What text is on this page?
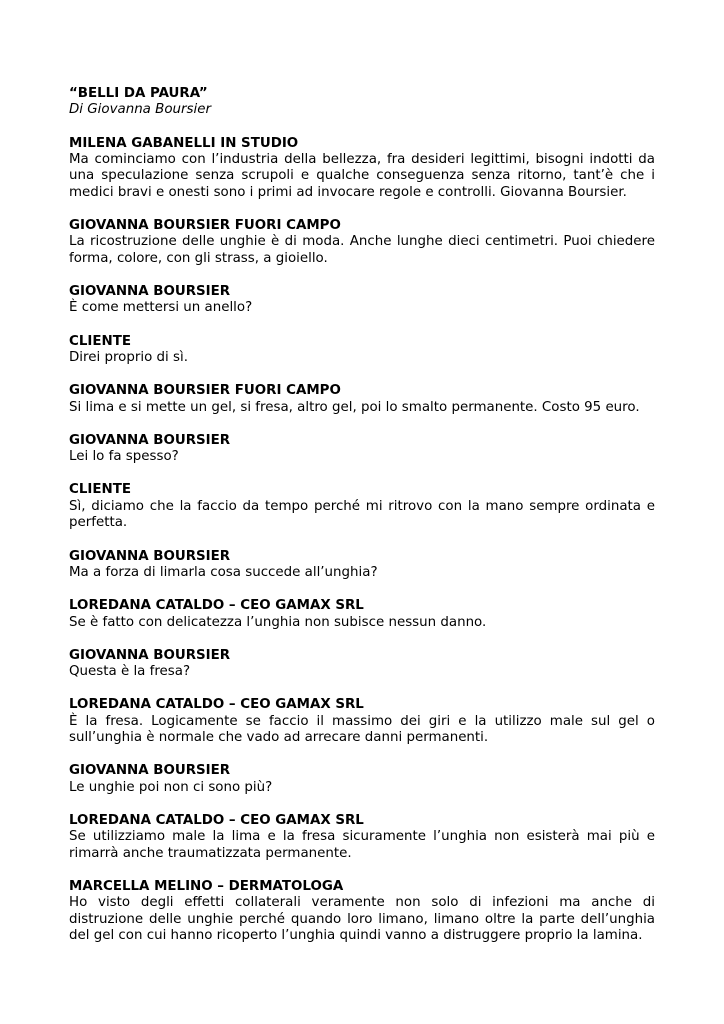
“BELLI DA PAURA”
Di Giovanna Boursier
MILENA GABANELLI IN STUDIO
Ma cominciamo con l’industria della bellezza, fra desideri legittimi, bisogni indotti da una speculazione senza scrupoli e qualche conseguenza senza ritorno, tant’è che i medici bravi e onesti sono i primi ad invocare regole e controlli. Giovanna Boursier.
GIOVANNA BOURSIER FUORI CAMPO
La ricostruzione delle unghie è di moda. Anche lunghe dieci centimetri. Puoi chiedere forma, colore, con gli strass, a gioiello.
GIOVANNA BOURSIER
È come mettersi un anello?
CLIENTE
Direi proprio di sì.
GIOVANNA BOURSIER FUORI CAMPO
Si lima e si mette un gel, si fresa, altro gel, poi lo smalto permanente. Costo 95 euro.
GIOVANNA BOURSIER
Lei lo fa spesso?
CLIENTE
Sì, diciamo che la faccio da tempo perché mi ritrovo con la mano sempre ordinata e perfetta.
GIOVANNA BOURSIER
Ma a forza di limarla cosa succede all’unghia?
LOREDANA CATALDO – CEO GAMAX SRL
Se è fatto con delicatezza l’unghia non subisce nessun danno.
GIOVANNA BOURSIER
Questa è la fresa?
LOREDANA CATALDO – CEO GAMAX SRL
È la fresa. Logicamente se faccio il massimo dei giri e la utilizzo male sul gel o sull’unghia è normale che vado ad arrecare danni permanenti.
GIOVANNA BOURSIER
Le unghie poi non ci sono più?
LOREDANA CATALDO – CEO GAMAX SRL
Se utilizziamo male la lima e la fresa sicuramente l’unghia non esisterà mai più e rimarrà anche traumatizzata permanente.
MARCELLA MELINO – DERMATOLOGA
Ho visto degli effetti collaterali veramente non solo di infezioni ma anche di distruzione delle unghie perché quando loro limano, limano oltre la parte dell’unghia del gel con cui hanno ricoperto l’unghia quindi vanno a distruggere proprio la lamina.
